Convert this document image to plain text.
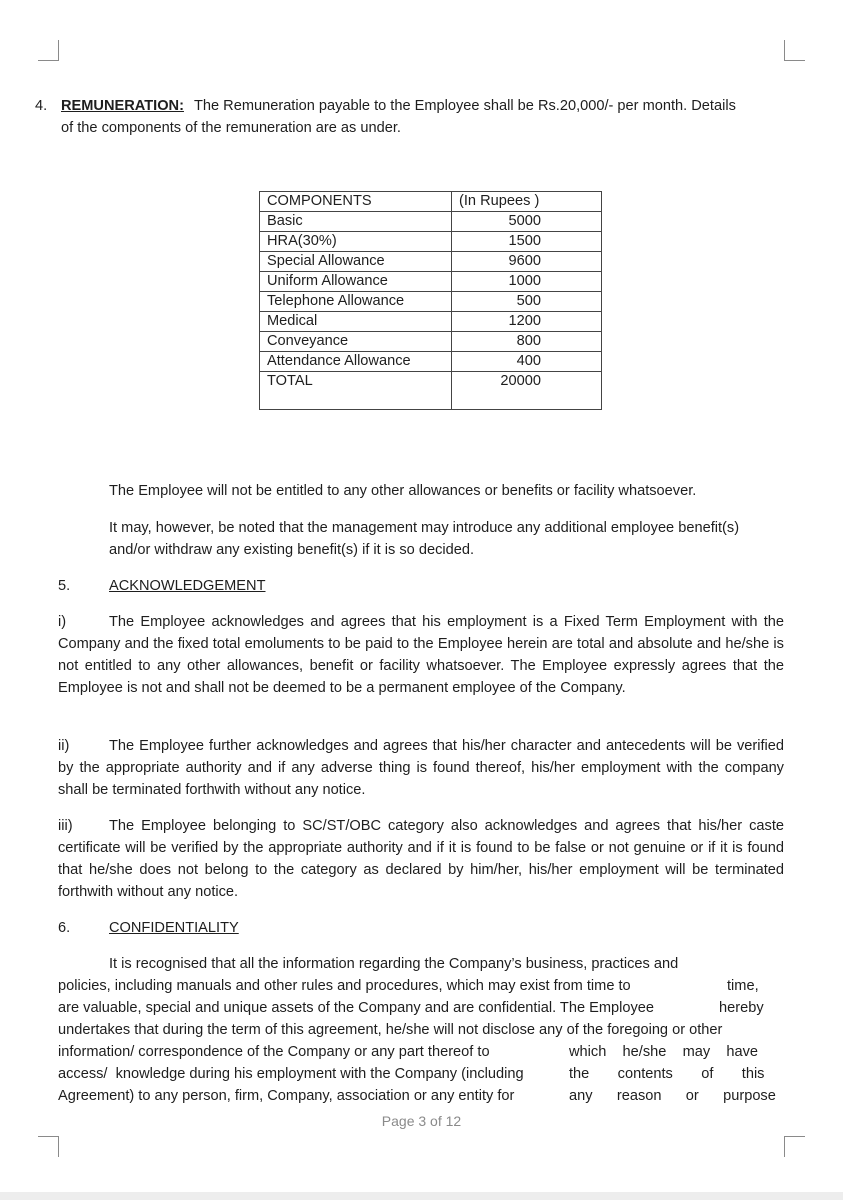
4. REMUNERATION: The Remuneration payable to the Employee shall be Rs.20,000/- per month. Details
of the components of the remuneration are as under.
COMPONENTS	(In Rupees )
Basic	5000
HRA(30%)	1500
Special Allowance	9600
Uniform Allowance	1000
Telephone Allowance	500
Medical	1200
Conveyance	800
Attendance Allowance	400
TOTAL	20000
The Employee will not be entitled to any other allowances or benefits or facility whatsoever.
It may, however, be noted that the management may introduce any additional employee benefit(s)
and/or withdraw any existing benefit(s) if it is so decided.
5.	ACKNOWLEDGEMENT
i)	The Employee acknowledges and agrees that his employment is a Fixed Term Employment with the Company and the fixed total emoluments to be paid to the Employee herein are total and absolute and he/she is not entitled to any other allowances, benefit or facility whatsoever. The Employee expressly agrees that the Employee is not and shall not be deemed to be a permanent employee of the Company.
ii)	The Employee further acknowledges and agrees that his/her character and antecedents will be verified by the appropriate authority and if any adverse thing is found thereof, his/her employment with the company shall be terminated forthwith without any notice.
iii)	The Employee belonging to SC/ST/OBC category also acknowledges and agrees that his/her caste certificate will be verified by the appropriate authority and if it is found to be false or not genuine or if it is found that he/she does not belong to the category as declared by him/her, his/her employment will be terminated forthwith without any notice.
6.	CONFIDENTIALITY
It is recognised that all the information regarding the Company’s business, practices and
policies, including manuals and other rules and procedures, which may exist from time to	time,
are valuable, special and unique assets of the Company and are confidential. The Employee	hereby
undertakes that during the term of this agreement, he/she will not disclose any of the foregoing or other
information/ correspondence of the Company or any part thereof to	which    he/she    may    have
access/  knowledge during his employment with the Company (including	the       contents       of       this
Agreement) to any person, firm, Company, association or any entity for	any      reason      or      purpose
Page 3 of 12
